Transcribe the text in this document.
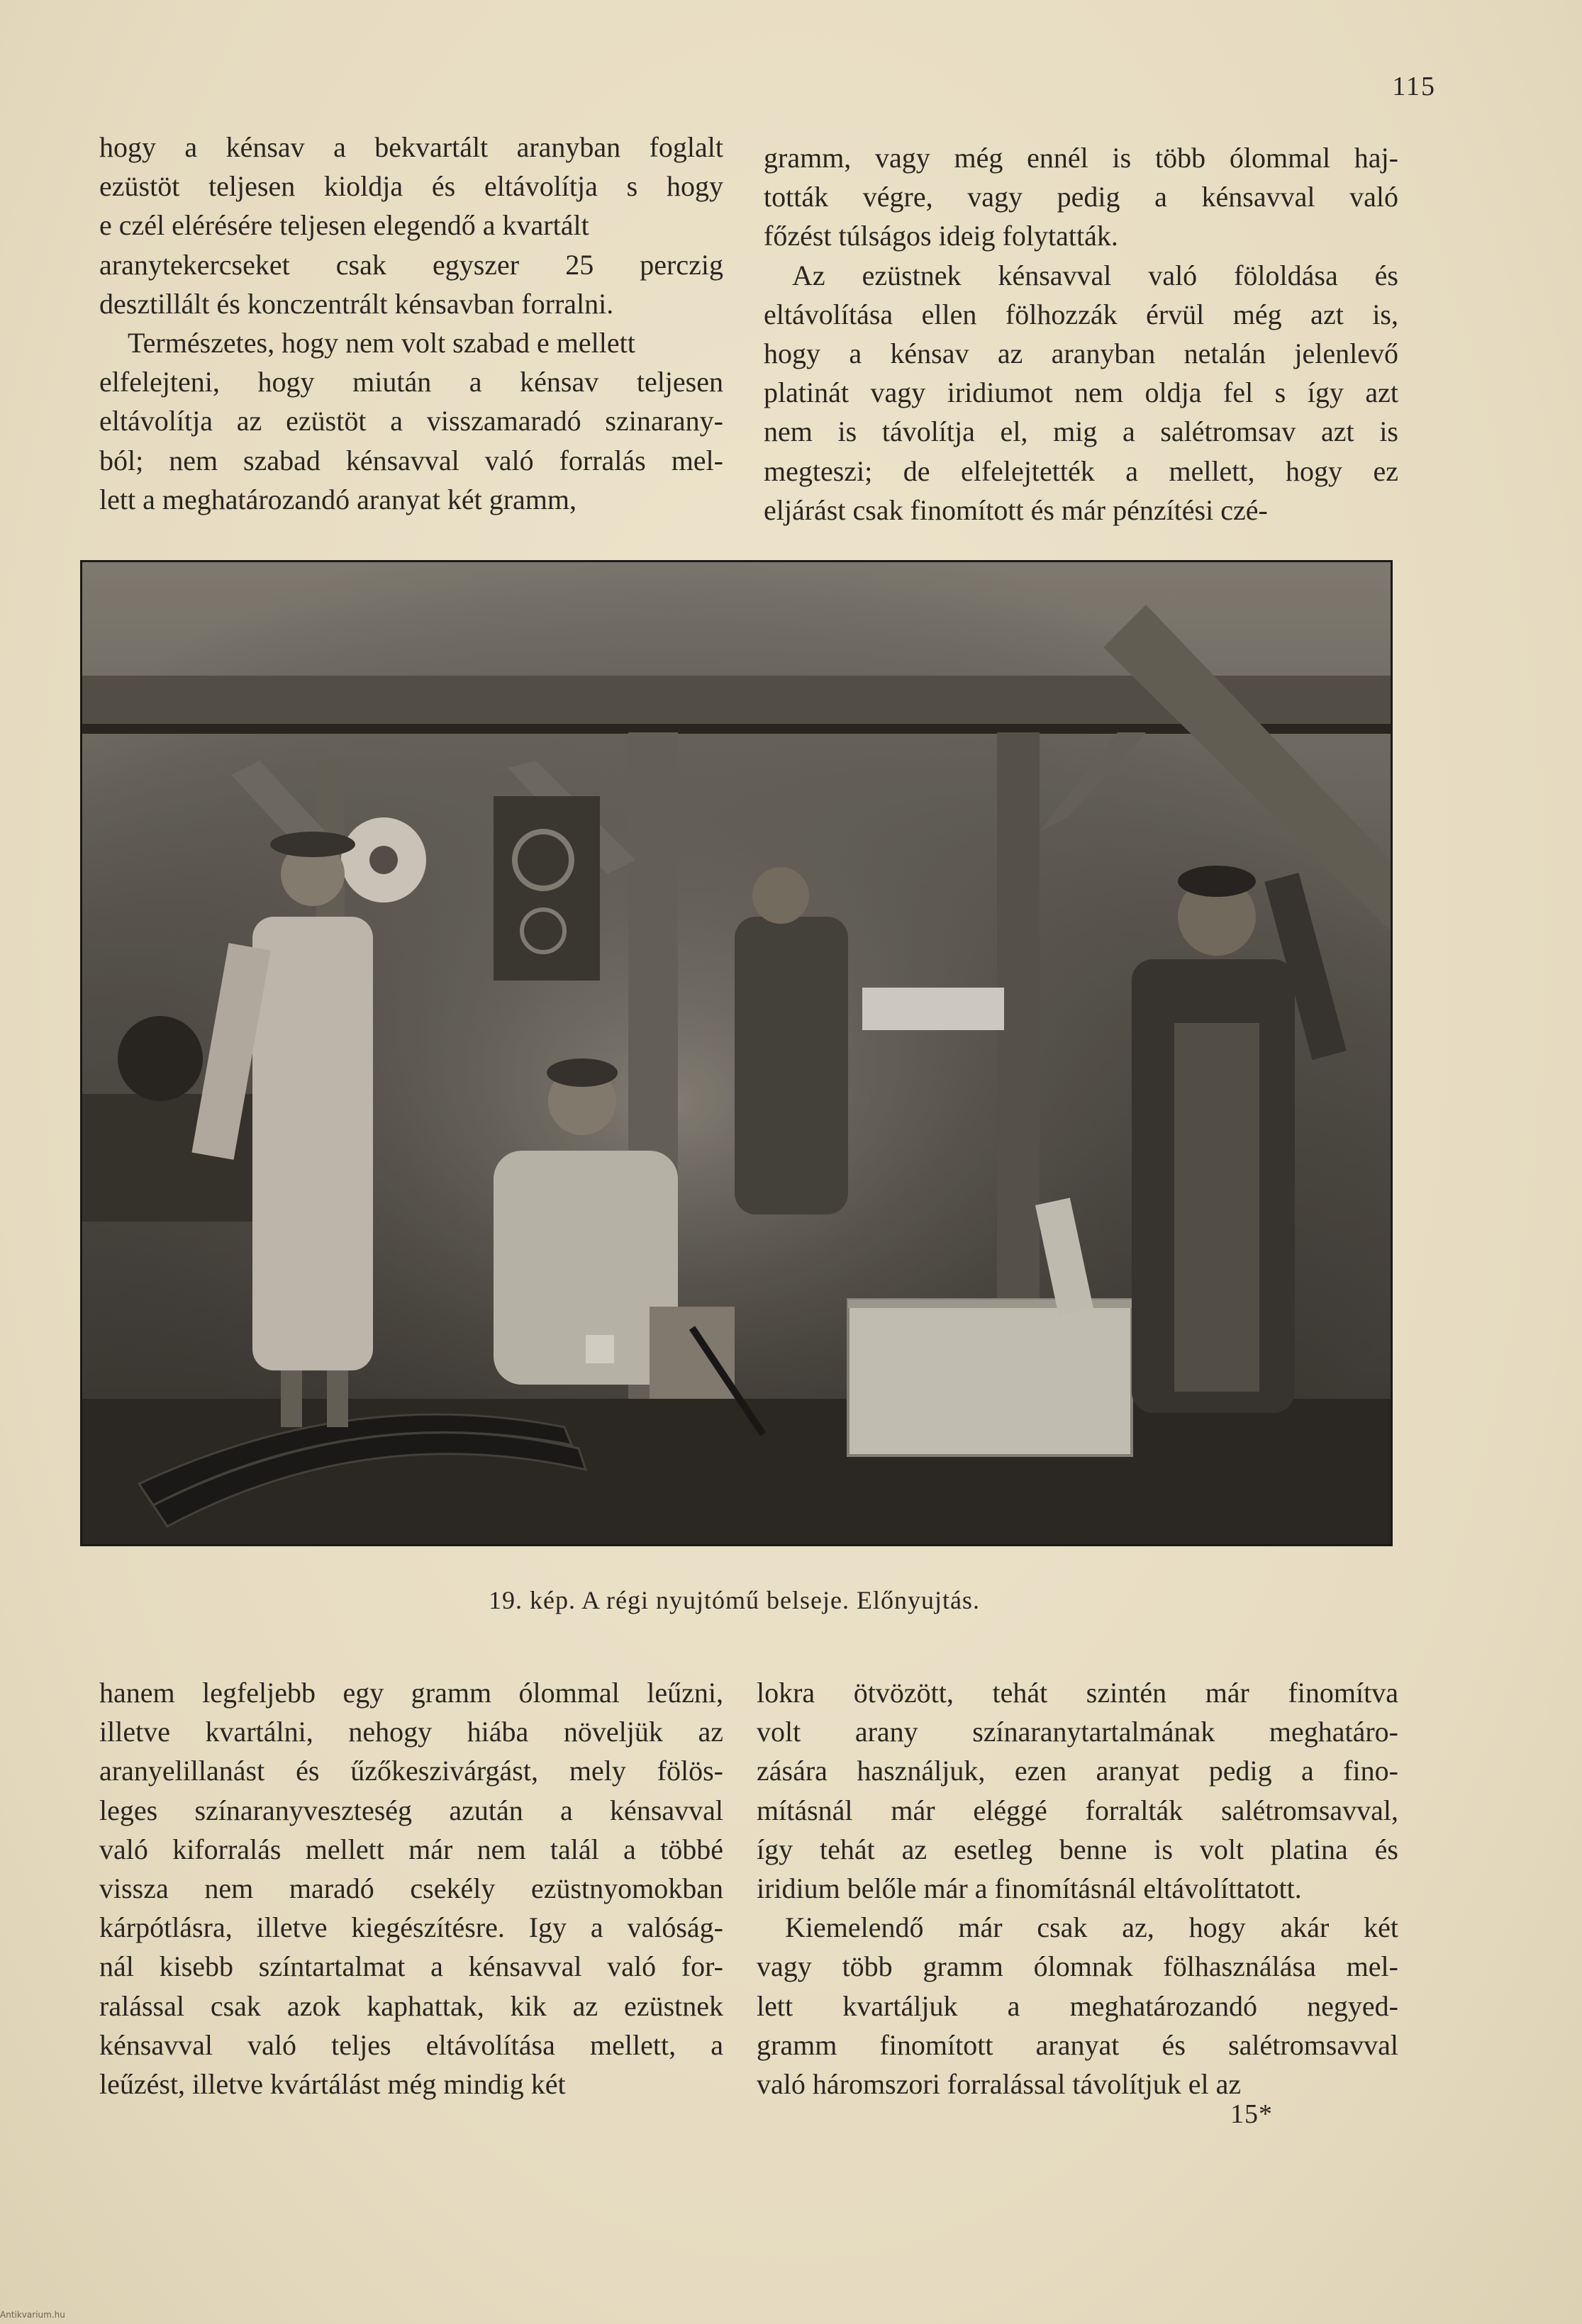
115
hogy a kénsav a bekvartált aranyban foglalt
ezüstöt teljesen kioldja és eltávolítja s hogy
e czél elérésére teljesen elegendő a kvartált
aranytekercseket csak egyszer 25 perczig
desztillált és konczentrált kénsavban forralni.
Természetes, hogy nem volt szabad e mellett
elfelejteni, hogy miután a kénsav teljesen
eltávolítja az ezüstöt a visszamaradó szinarany-
ból; nem szabad kénsavval való forralás mel-
lett a meghatározandó aranyat két gramm,
gramm, vagy még ennél is több ólommal haj-
tották végre, vagy pedig a kénsavval való
főzést túlságos ideig folytatták.
Az ezüstnek kénsavval való föloldása és
eltávolítása ellen fölhozzák érvül még azt is,
hogy a kénsav az aranyban netalán jelenlevő
platinát vagy iridiumot nem oldja fel s így azt
nem is távolítja el, mig a salétromsav azt is
megteszi; de elfelejtették a mellett, hogy ez
eljárást csak finomított és már pénzítési czé-
19. kép. A régi nyujtómű belseje. Előnyujtás.
hanem legfeljebb egy gramm ólommal leűzni,
illetve kvartálni, nehogy hiába növeljük az
aranyelillanást és űzőkeszivárgást, mely fölös-
leges színaranyveszteség azután a kénsavval
való kiforralás mellett már nem talál a többé
vissza nem maradó csekély ezüstnyomokban
kárpótlásra, illetve kiegészítésre. Igy a valóság-
nál kisebb színtartalmat a kénsavval való for-
ralással csak azok kaphattak, kik az ezüstnek
kénsavval való teljes eltávolítása mellett, a
leűzést, illetve kvártálást még mindig két
lokra ötvözött, tehát szintén már finomítva
volt arany színaranytartalmának meghatáro-
zására használjuk, ezen aranyat pedig a fino-
mításnál már eléggé forralták salétromsavval,
így tehát az esetleg benne is volt platina és
iridium belőle már a finomításnál eltávolíttatott.
Kiemelendő már csak az, hogy akár két
vagy több gramm ólomnak fölhasználása mel-
lett kvartáljuk a meghatározandó negyed-
gramm finomított aranyat és salétromsavval
való háromszori forralással távolítjuk el az
15*
Antikvarium.hu
